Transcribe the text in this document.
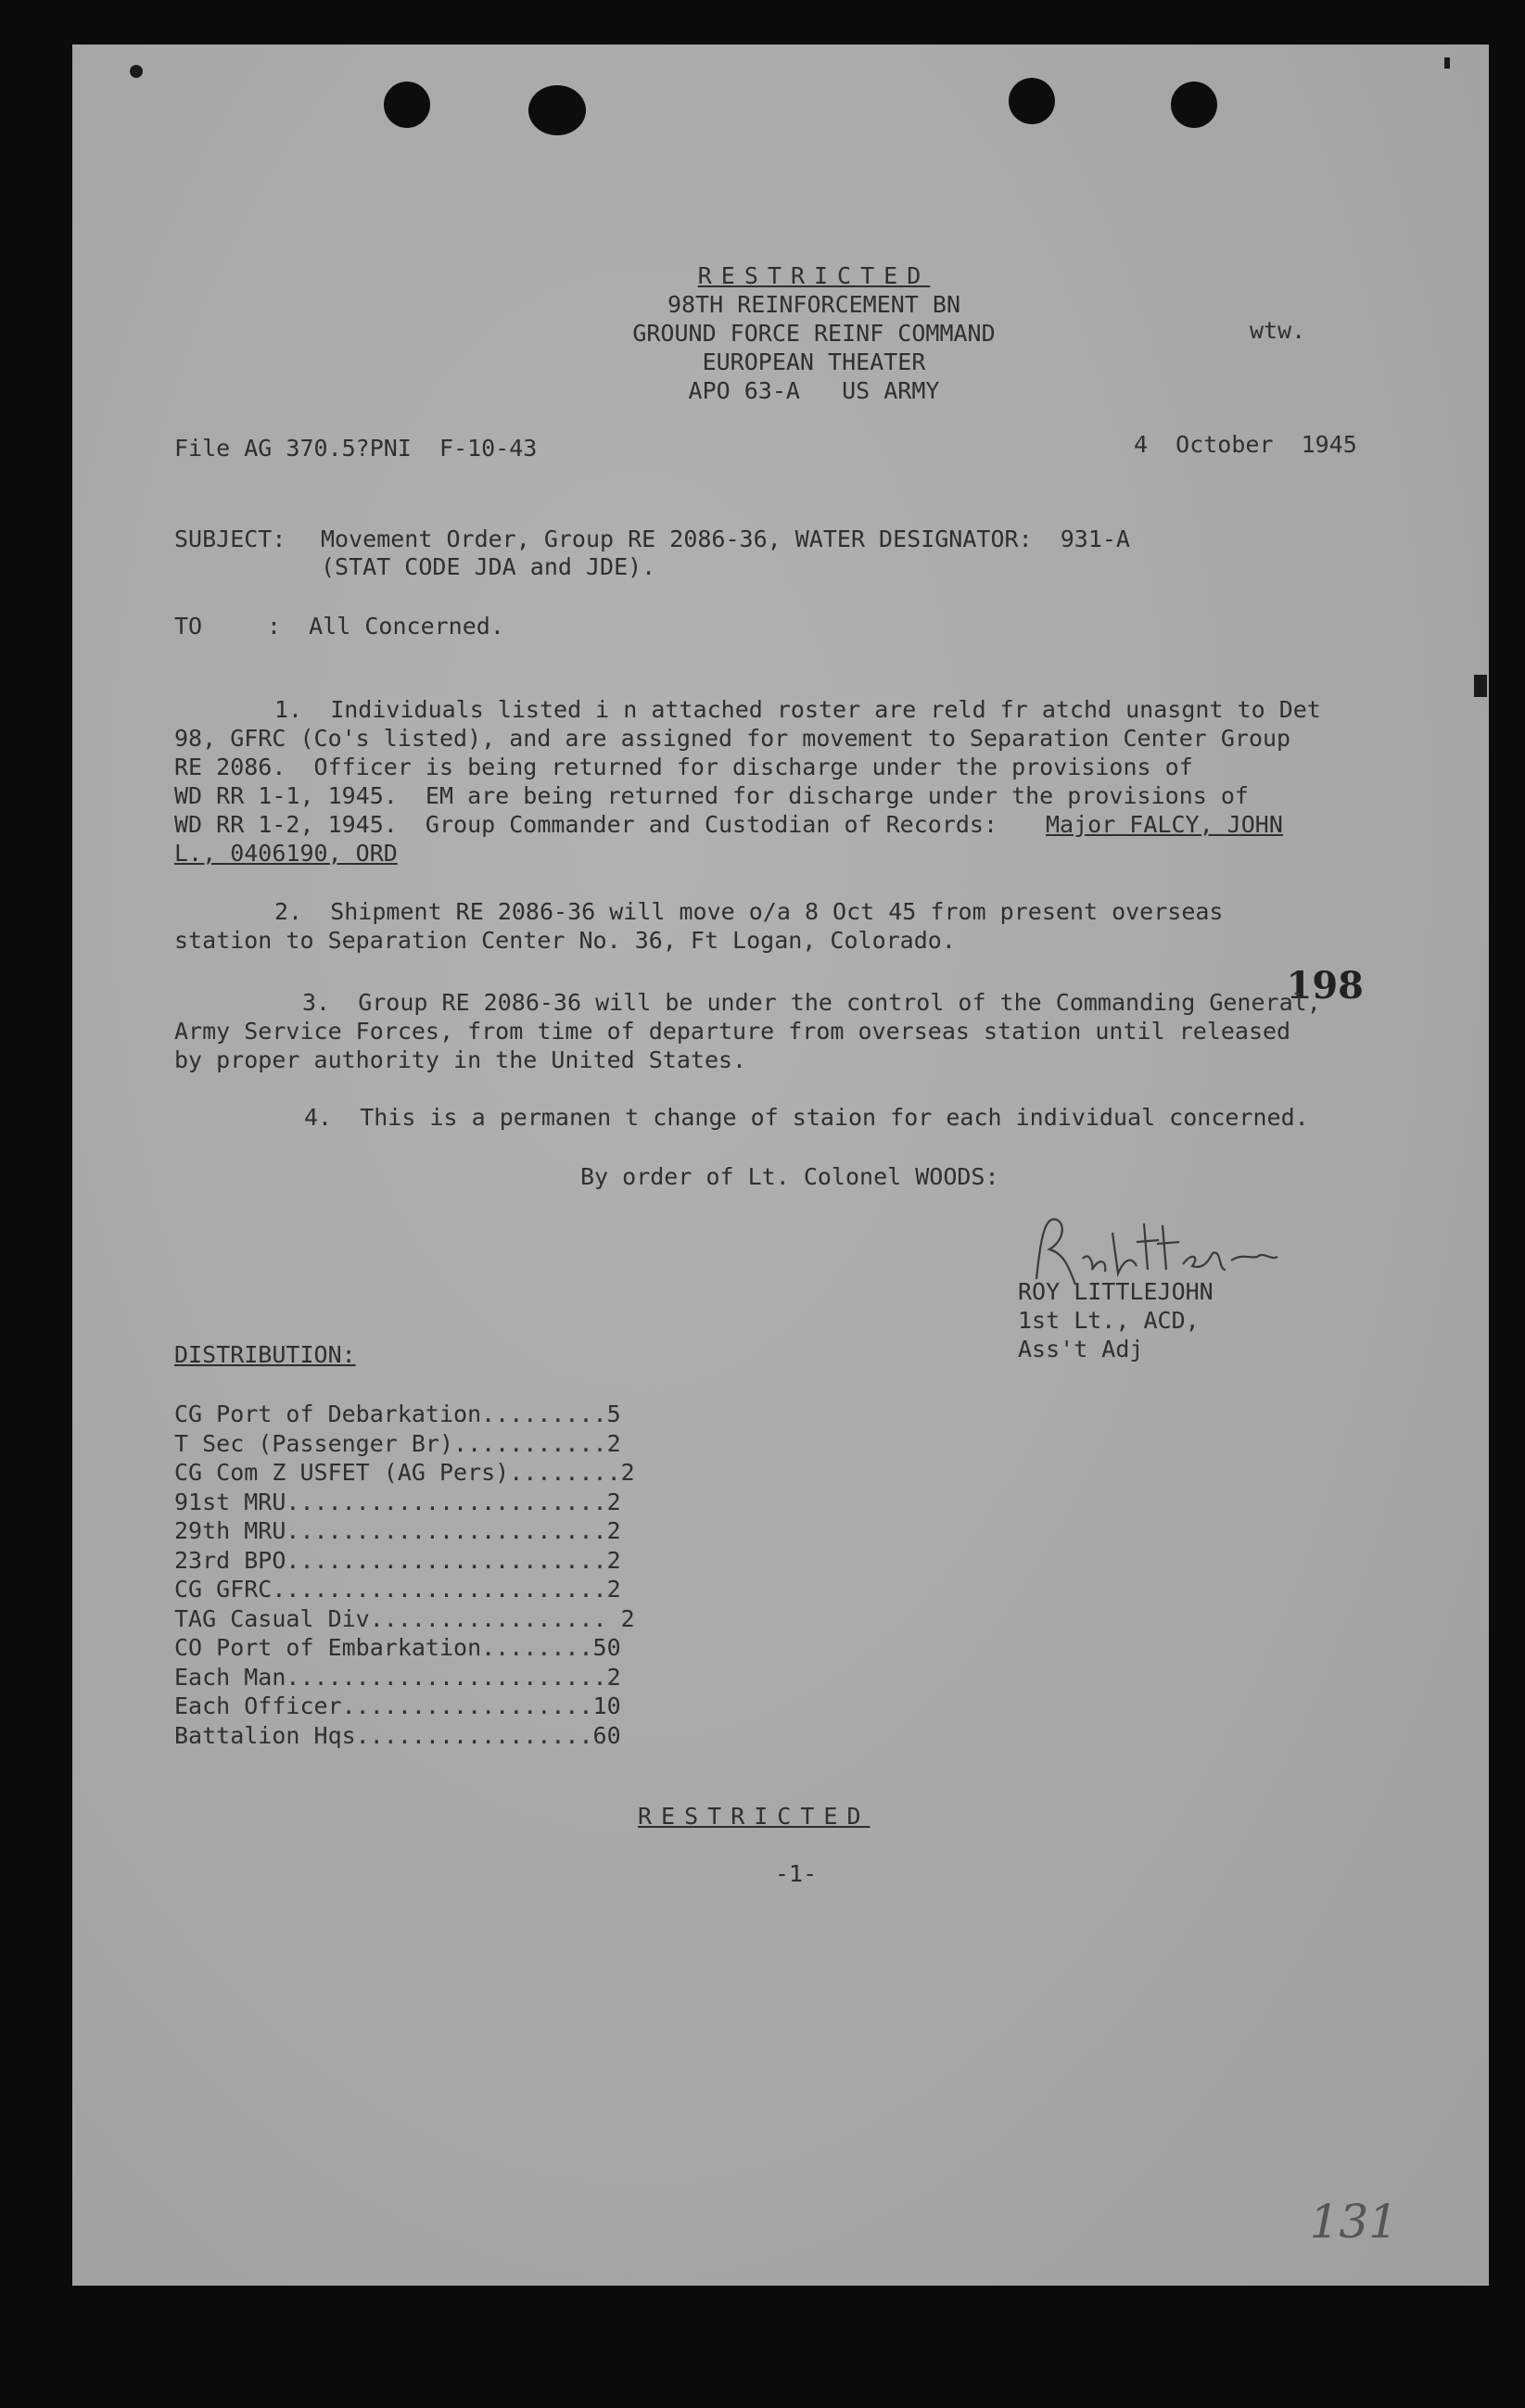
RESTRICTED
98TH REINFORCEMENT BN
GROUND FORCE REINF COMMAND
EUROPEAN THEATER
APO 63-A   US ARMY
wtw.
File AG 370.5?PNI  F-10-43	4  October  1945
SUBJECT: Movement Order, Group RE 2086-36, WATER DESIGNATOR:  931-A
(STAT CODE JDA and JDE).
TO	:  All Concerned.
1.  Individuals listed i n attached roster are reld fr atchd unasgnt to Det
98, GFRC (Co's listed), and are assigned for movement to Separation Center Group
RE 2086.  Officer is being returned for discharge under the provisions of
WD RR 1-1, 1945.  EM are being returned for discharge under the provisions of
WD RR 1-2, 1945.  Group Commander and Custodian of Records: Major FALCY, JOHN
L., 0406190, ORD
2.  Shipment RE 2086-36 will move o/a 8 Oct 45 from present overseas
station to Separation Center No. 36, Ft Logan, Colorado.
198
3.  Group RE 2086-36 will be under the control of the Commanding General,
Army Service Forces, from time of departure from overseas station until released
by proper authority in the United States.
4.  This is a permanen t change of staion for each individual concerned.
By order of Lt. Colonel WOODS:
ROY LITTLEJOHN
1st Lt., ACD,
Ass't Adj
DISTRIBUTION:
CG Port of Debarkation.........5
T Sec (Passenger Br)...........2
CG Com Z USFET (AG Pers)........2
91st MRU.......................2
29th MRU.......................2
23rd BPO.......................2
CG GFRC........................2
TAG Casual Div................. 2
CO Port of Embarkation........50
Each Man.......................2
Each Officer..................10
Battalion Hqs.................60
RESTRICTED
-1-
131
